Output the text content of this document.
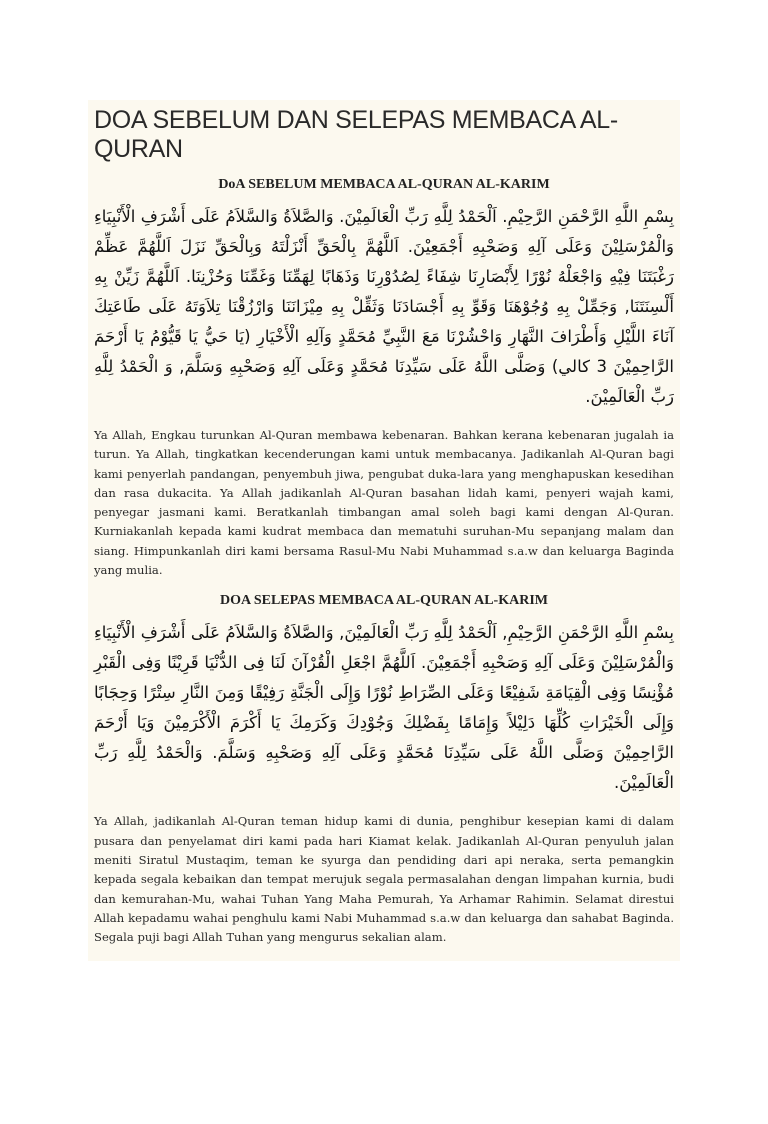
DOA SEBELUM DAN SELEPAS MEMBACA AL-QURAN
DoA SEBELUM MEMBACA AL-QURAN AL-KARIM

بِسْمِ اللَّهِ الرَّحْمَنِ الرَّحِيْمِ. اَلْحَمْدُ لِلَّهِ رَبِّ الْعَالَمِيْنَ. وَالصَّلاَةُ وَالسَّلاَمُ عَلَى أَشْرَفِ الْأَنْبِيَاءِ وَالْمُرْسَلِيْنَ وَعَلَى آلِهِ وَصَحْبِهِ أَجْمَعِيْنَ. اَللَّهُمَّ بِالْحَقِّ أَنْزَلْتَهُ وَبِالْحَقِّ نَزَلَ اَللَّهُمَّ عَظِّمْ رَغْبَتَنَا فِيْهِ وَاجْعَلْهُ نُوْرًا لِأَبْصَارِنَا شِفَاءً لِصُدُوْرِنَا وَذَهَابًا لِهَمِّنَا وَغَمِّنَا وَحُزْنِنَا. اَللَّهُمَّ زَيِّنْ بِهِ أَلْسِنَتَنَا, وَجَمِّلْ بِهِ وُجُوْهَنَا وَقَوِّ بِهِ أَجْسَادَنَا وَثَقِّلْ بِهِ مِيْزَانَنَا وَارْزُقْنَا تِلاَوَتَهُ عَلَى طَاعَتِكَ آنَاءَ اللَّيْلِ وَأَطْرَافَ النَّهَارِ وَاحْشُرْنَا مَعَ النَّبِيِّ مُحَمَّدٍ وَآلِهِ الْأَخْيَارِ (يَا حَيُّ يَا قَيُّوْمُ يَا أَرْحَمَ الرَّاحِمِيْنَ 3 كالي) وَصَلَّى اللَّهُ عَلَى سَيِّدِنَا مُحَمَّدٍ وَعَلَى آلِهِ وَصَحْبِهِ وَسَلَّمَ, وَ الْحَمْدُ لِلَّهِ رَبِّ الْعَالَمِيْنَ.

Ya Allah, Engkau turunkan Al-Quran membawa kebenaran. Bahkan kerana kebenaran jugalah ia turun. Ya Allah, tingkatkan kecenderungan kami untuk membacanya. Jadikanlah Al-Quran bagi kami penyerlah pandangan, penyembuh jiwa, pengubat duka-lara yang menghapuskan kesedihan dan rasa dukacita. Ya Allah jadikanlah Al-Quran basahan lidah kami, penyeri wajah kami, penyegar jasmani kami. Beratkanlah timbangan amal soleh bagi kami dengan Al-Quran. Kurniakanlah kepada kami kudrat membaca dan mematuhi suruhan-Mu sepanjang malam dan siang. Himpunkanlah diri kami bersama Rasul-Mu Nabi Muhammad s.a.w dan keluarga Baginda yang mulia.

DOA SELEPAS MEMBACA AL-QURAN AL-KARIM

بِسْمِ اللَّهِ الرَّحْمَنِ الرَّحِيْمِ, اَلْحَمْدُ لِلَّهِ رَبِّ الْعَالَمِيْنَ, وَالصَّلاَةُ وَالسَّلاَمُ عَلَى أَشْرَفِ الْأَنْبِيَاءِ وَالْمُرْسَلِيْنَ وَعَلَى آلِهِ وَصَحْبِهِ أَجْمَعِيْنَ. اَللَّهُمَّ اجْعَلِ الْقُرْآنَ لَنَا فِى الدُّنْيَا قَرِيْنًا وَفِى الْقَبْرِ مُؤْنِسًا وَفِى الْقِيَامَةِ شَفِيْعًا وَعَلَى الصِّرَاطِ نُوْرًا وَإِلَى الْجَنَّةِ رَفِيْقًا وَمِنَ النَّارِ سِتْرًا وَحِجَابًا وَإِلَى الْخَيْرَاتِ كُلِّهَا دَلِيْلاً وَإِمَامًا بِفَضْلِكَ وَجُوْدِكَ وَكَرَمِكَ يَا أَكْرَمَ الْأَكْرَمِيْنَ وَيَا أَرْحَمَ الرَّاحِمِيْنَ وَصَلَّى اللَّهُ عَلَى سَيِّدِنَا مُحَمَّدٍ وَعَلَى آلِهِ وَصَحْبِهِ وَسَلَّمَ. وَالْحَمْدُ لِلَّهِ رَبِّ الْعَالَمِيْنَ.

Ya Allah, jadikanlah Al-Quran teman hidup kami di dunia, penghibur kesepian kami di dalam pusara dan penyelamat diri kami pada hari Kiamat kelak. Jadikanlah Al-Quran penyuluh jalan meniti Siratul Mustaqim, teman ke syurga dan pendiding dari api neraka, serta pemangkin kepada segala kebaikan dan tempat merujuk segala permasalahan dengan limpahan kurnia, budi dan kemurahan-Mu, wahai Tuhan Yang Maha Pemurah, Ya Arhamar Rahimin. Selamat direstui Allah kepadamu wahai penghulu kami Nabi Muhammad s.a.w dan keluarga dan sahabat Baginda. Segala puji bagi Allah Tuhan yang mengurus sekalian alam.
